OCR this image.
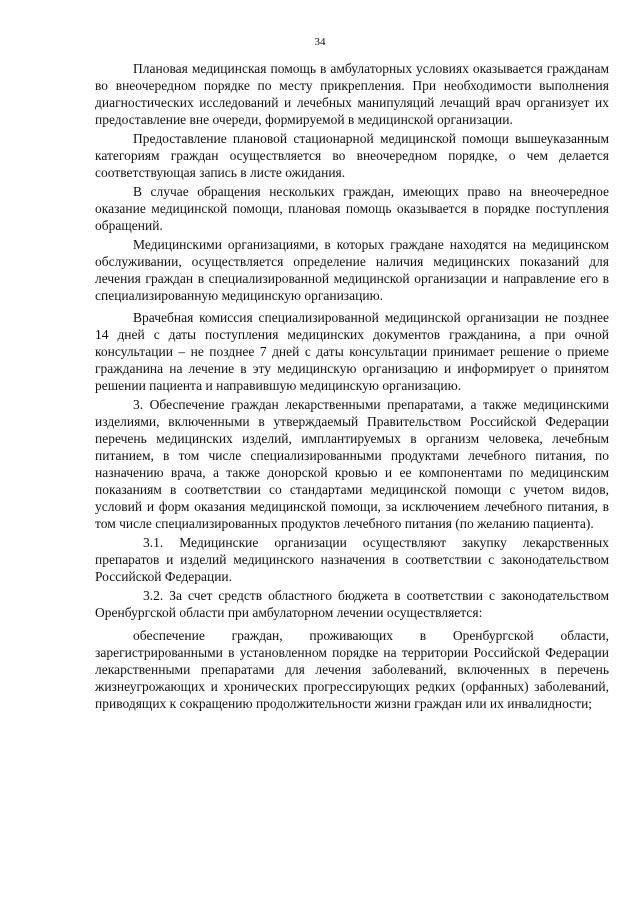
34

Плановая медицинская помощь в амбулаторных условиях оказывается гражданам во внеочередном порядке по месту прикрепления. При необходимости выполнения диагностических исследований и лечебных манипуляций лечащий врач организует их предоставление вне очереди, формируемой в медицинской организации.

Предоставление плановой стационарной медицинской помощи вышеуказанным категориям граждан осуществляется во внеочередном порядке, о чем делается соответствующая запись в листе ожидания.

В случае обращения нескольких граждан, имеющих право на внеочередное оказание медицинской помощи, плановая помощь оказывается в порядке поступления обращений.

Медицинскими организациями, в которых граждане находятся на медицинском обслуживании, осуществляется определение наличия медицинских показаний для лечения граждан в специализированной медицинской организации и направление его в специализированную медицинскую организацию.

Врачебная комиссия специализированной медицинской организации не позднее 14 дней с даты поступления медицинских документов гражданина, а при очной консультации – не позднее 7 дней с даты консультации принимает решение о приеме гражданина на лечение в эту медицинскую организацию и информирует о принятом решении пациента и направившую медицинскую организацию.

3. Обеспечение граждан лекарственными препаратами, а также медицинскими изделиями, включенными в утверждаемый Правительством Российской Федерации перечень медицинских изделий, имплантируемых в организм человека, лечебным питанием, в том числе специализированными продуктами лечебного питания, по назначению врача, а также донорской кровью и ее компонентами по медицинским показаниям в соответствии со стандартами медицинской помощи с учетом видов, условий и форм оказания медицинской помощи, за исключением лечебного питания, в том числе специализированных продуктов лечебного питания (по желанию пациента).

3.1. Медицинские организации осуществляют закупку лекарственных препаратов и изделий медицинского назначения в соответствии с законодательством Российской Федерации.

3.2. За счет средств областного бюджета в соответствии с законодательством Оренбургской области при амбулаторном лечении осуществляется:

обеспечение граждан, проживающих в Оренбургской области, зарегистрированными в установленном порядке на территории Российской Федерации лекарственными препаратами для лечения заболеваний, включенных в перечень жизнеугрожающих и хронических прогрессирующих редких (орфанных) заболеваний, приводящих к сокращению продолжительности жизни граждан или их инвалидности;
